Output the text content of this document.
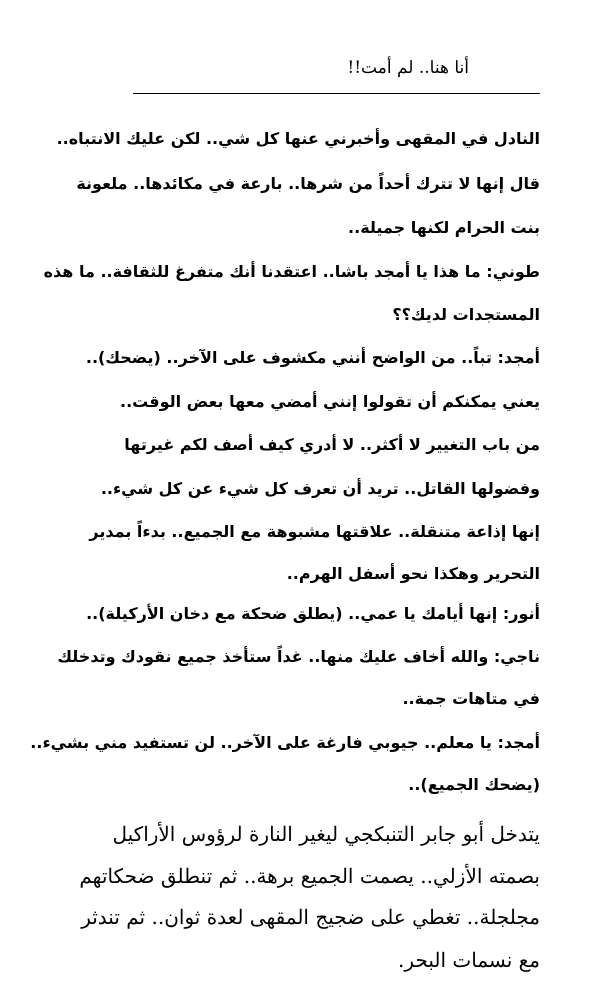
أنا هنا.. لم أمت!!

النادل في المقهى وأخبرني عنها كل شي.. لكن عليك الانتباه..

قال إنها لا تترك أحداً من شرها.. بارعة في مكائدها.. ملعونة

بنت الحرام لكنها جميلة..

طوني: ما هذا يا أمجد باشا.. اعتقدنا أنك متفرغ للثقافة.. ما هذه

المستجدات لديك؟؟

أمجد: تباً.. من الواضح أنني مكشوف على الآخر.. (يضحك)..

يعني يمكنكم أن تقولوا إنني أمضي معها بعض الوقت..

من باب التغيير لا أكثر.. لا أدري كيف أصف لكم غيرتها

وفضولها القاتل.. تريد أن تعرف كل شيء عن كل شيء..

إنها إذاعة متنقلة.. علاقتها مشبوهة مع الجميع.. بدءاً بمدير

التحرير وهكذا نحو أسفل الهرم..

أنور: إنها أيامك يا عمي.. (يطلق ضحكة مع دخان الأركيلة)..

ناجي: والله أخاف عليك منها.. غداً ستأخذ جميع نقودك وتدخلك

في متاهات جمة..

أمجد: يا معلم.. جيوبي فارغة على الآخر.. لن تستفيد مني بشيء..

(يضحك الجميع)..

يتدخل أبو جابر التنبكجي ليغير النارة لرؤوس الأراكيل

بصمته الأزلي.. يصمت الجميع برهة.. ثم تنطلق ضحكاتهم

مجلجلة.. تغطي على ضجيج المقهى لعدة ثوان.. ثم تندثر

مع نسمات البحر.
